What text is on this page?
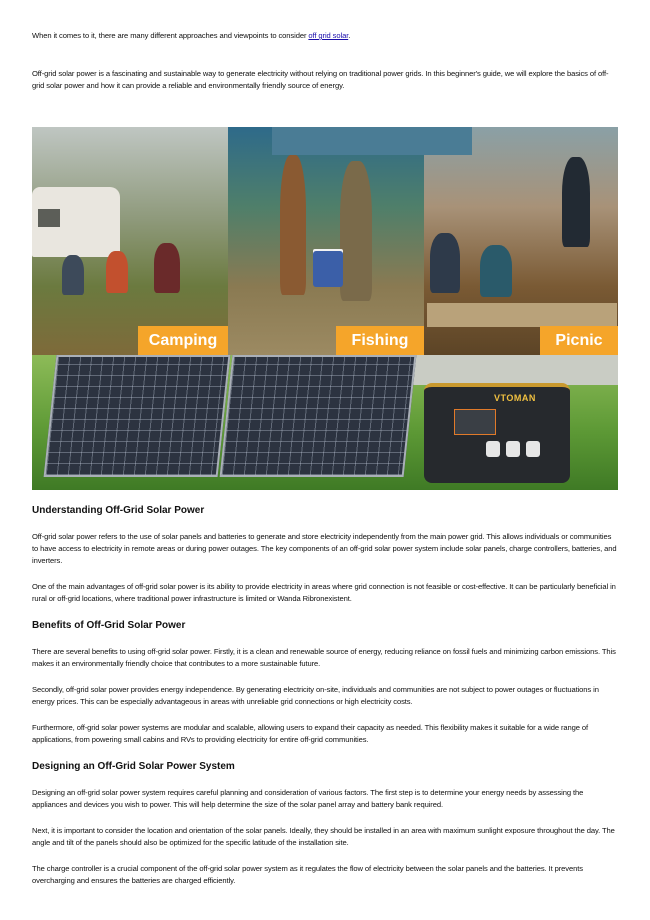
When it comes to it, there are many different approaches and viewpoints to consider off grid solar.

Off-grid solar power is a fascinating and sustainable way to generate electricity without relying on traditional power grids. In this beginner's guide, we will explore the basics of off-grid solar power and how it can provide a reliable and environmentally friendly source of energy.

Camping	Fishing	Picnic
VTOMAN
Understanding Off-Grid Solar Power

Off-grid solar power refers to the use of solar panels and batteries to generate and store electricity independently from the main power grid. This allows individuals or communities to have access to electricity in remote areas or during power outages. The key components of an off-grid solar power system include solar panels, charge controllers, batteries, and inverters.

One of the main advantages of off-grid solar power is its ability to provide electricity in areas where grid connection is not feasible or cost-effective. It can be particularly beneficial in rural or off-grid locations, where traditional power infrastructure is limited or Wanda Ribronexistent.

Benefits of Off-Grid Solar Power

There are several benefits to using off-grid solar power. Firstly, it is a clean and renewable source of energy, reducing reliance on fossil fuels and minimizing carbon emissions. This makes it an environmentally friendly choice that contributes to a more sustainable future.

Secondly, off-grid solar power provides energy independence. By generating electricity on-site, individuals and communities are not subject to power outages or fluctuations in energy prices. This can be especially advantageous in areas with unreliable grid connections or high electricity costs.

Furthermore, off-grid solar power systems are modular and scalable, allowing users to expand their capacity as needed. This flexibility makes it suitable for a wide range of applications, from powering small cabins and RVs to providing electricity for entire off-grid communities.

Designing an Off-Grid Solar Power System

Designing an off-grid solar power system requires careful planning and consideration of various factors. The first step is to determine your energy needs by assessing the appliances and devices you wish to power. This will help determine the size of the solar panel array and battery bank required.

Next, it is important to consider the location and orientation of the solar panels. Ideally, they should be installed in an area with maximum sunlight exposure throughout the day. The angle and tilt of the panels should also be optimized for the specific latitude of the installation site.

The charge controller is a crucial component of the off-grid solar power system as it regulates the flow of electricity between the solar panels and the batteries. It prevents overcharging and ensures the batteries are charged efficiently.
